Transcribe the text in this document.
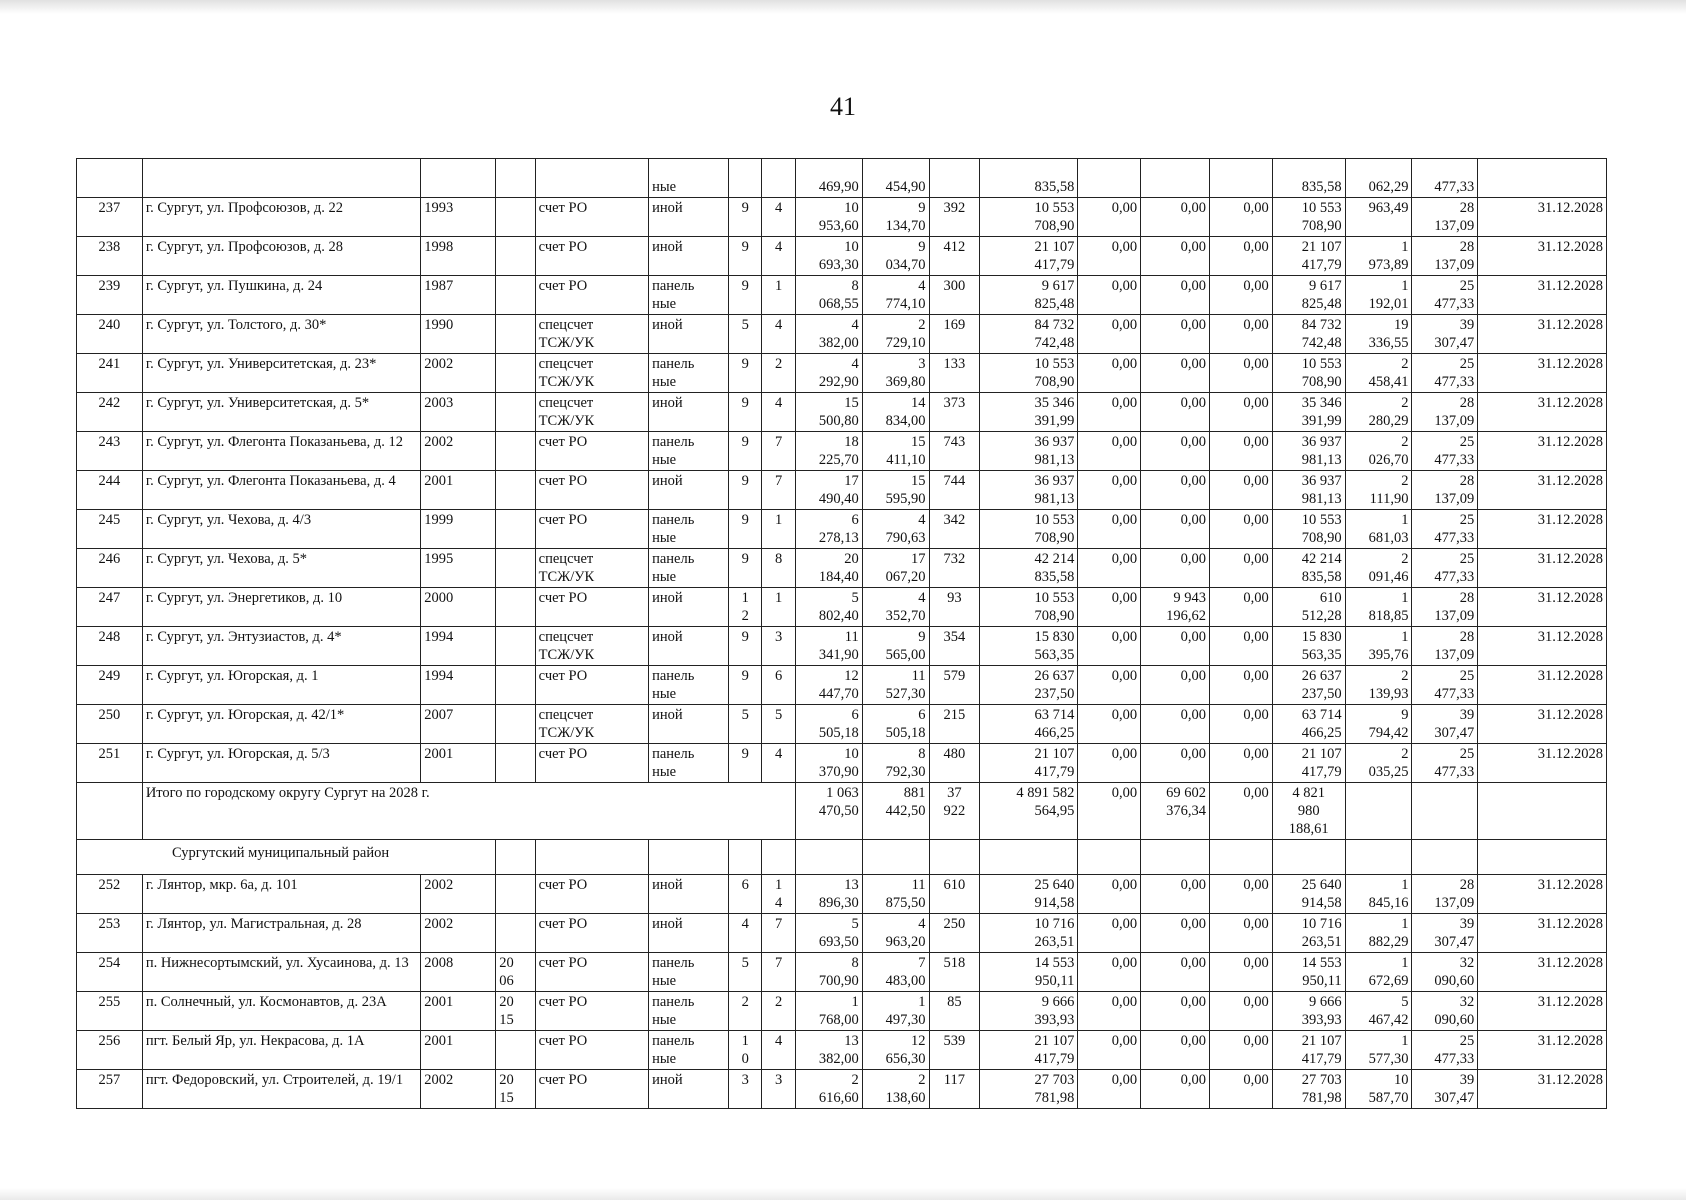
41

					ные			469,90	454,90		835,58				835,58	062,29	477,33	

237	г. Сургут, ул. Профсоюзов, д. 22	1993		счет РО	иной	9	4	10
953,60	9
134,70	392	10 553
708,90	0,00	0,00	0,00	10 553
708,90	963,49	28
137,09	31.12.2028

238	г. Сургут, ул. Профсоюзов, д. 28	1998		счет РО	иной	9	4	10
693,30	9
034,70	412	21 107
417,79	0,00	0,00	0,00	21 107
417,79	1
973,89	28
137,09	31.12.2028

239	г. Сургут, ул. Пушкина, д. 24	1987		счет РО	панель
ные	9	1	8
068,55	4
774,10	300	9 617
825,48	0,00	0,00	0,00	9 617
825,48	1
192,01	25
477,33	31.12.2028

240	г. Сургут, ул. Толстого, д. 30*	1990		спецсчет
ТСЖ/УК	иной	5	4	4
382,00	2
729,10	169	84 732
742,48	0,00	0,00	0,00	84 732
742,48	19
336,55	39
307,47	31.12.2028

241	г. Сургут, ул. Университетская, д. 23*	2002		спецсчет
ТСЖ/УК	панель
ные	9	2	4
292,90	3
369,80	133	10 553
708,90	0,00	0,00	0,00	10 553
708,90	2
458,41	25
477,33	31.12.2028

242	г. Сургут, ул. Университетская, д. 5*	2003		спецсчет
ТСЖ/УК	иной	9	4	15
500,80	14
834,00	373	35 346
391,99	0,00	0,00	0,00	35 346
391,99	2
280,29	28
137,09	31.12.2028

243	г. Сургут, ул. Флегонта Показаньева, д. 12	2002		счет РО	панель
ные	9	7	18
225,70	15
411,10	743	36 937
981,13	0,00	0,00	0,00	36 937
981,13	2
026,70	25
477,33	31.12.2028

244	г. Сургут, ул. Флегонта Показаньева, д. 4	2001		счет РО	иной	9	7	17
490,40	15
595,90	744	36 937
981,13	0,00	0,00	0,00	36 937
981,13	2
111,90	28
137,09	31.12.2028

245	г. Сургут, ул. Чехова, д. 4/3	1999		счет РО	панель
ные	9	1	6
278,13	4
790,63	342	10 553
708,90	0,00	0,00	0,00	10 553
708,90	1
681,03	25
477,33	31.12.2028

246	г. Сургут, ул. Чехова, д. 5*	1995		спецсчет
ТСЖ/УК	панель
ные	9	8	20
184,40	17
067,20	732	42 214
835,58	0,00	0,00	0,00	42 214
835,58	2
091,46	25
477,33	31.12.2028

247	г. Сургут, ул. Энергетиков, д. 10	2000		счет РО	иной	1
2	1	5
802,40	4
352,70	93	10 553
708,90	0,00	9 943
196,62	0,00	610
512,28	1
818,85	28
137,09	31.12.2028

248	г. Сургут, ул. Энтузиастов, д. 4*	1994		спецсчет
ТСЖ/УК	иной	9	3	11
341,90	9
565,00	354	15 830
563,35	0,00	0,00	0,00	15 830
563,35	1
395,76	28
137,09	31.12.2028

249	г. Сургут, ул. Югорская, д. 1	1994		счет РО	панель
ные	9	6	12
447,70	11
527,30	579	26 637
237,50	0,00	0,00	0,00	26 637
237,50	2
139,93	25
477,33	31.12.2028

250	г. Сургут, ул. Югорская, д. 42/1*	2007		спецсчет
ТСЖ/УК	иной	5	5	6
505,18	6
505,18	215	63 714
466,25	0,00	0,00	0,00	63 714
466,25	9
794,42	39
307,47	31.12.2028

251	г. Сургут, ул. Югорская, д. 5/3	2001		счет РО	панель
ные	9	4	10
370,90	8
792,30	480	21 107
417,79	0,00	0,00	0,00	21 107
417,79	2
035,25	25
477,33	31.12.2028

	Итого по городскому округу Сургут на 2028 г.							1 063
470,50	881
442,50	37
922	4 891 582
564,95	0,00	69 602
376,34	0,00	4 821
980
188,61			

Сургутский муниципальный район																		

252	г. Лянтор, мкр. 6а, д. 101	2002		счет РО	иной	6	1
4	13
896,30	11
875,50	610	25 640
914,58	0,00	0,00	0,00	25 640
914,58	1
845,16	28
137,09	31.12.2028

253	г. Лянтор, ул. Магистральная, д. 28	2002		счет РО	иной	4	7	5
693,50	4
963,20	250	10 716
263,51	0,00	0,00	0,00	10 716
263,51	1
882,29	39
307,47	31.12.2028

254	п. Нижнесортымский, ул. Хусаинова, д. 13	2008	20
06	счет РО	панель
ные	5	7	8
700,90	7
483,00	518	14 553
950,11	0,00	0,00	0,00	14 553
950,11	1
672,69	32
090,60	31.12.2028

255	п. Солнечный, ул. Космонавтов, д. 23А	2001	20
15	счет РО	панель
ные	2	2	1
768,00	1
497,30	85	9 666
393,93	0,00	0,00	0,00	9 666
393,93	5
467,42	32
090,60	31.12.2028

256	пгт. Белый Яр, ул. Некрасова, д. 1А	2001		счет РО	панель
ные	1
0	4	13
382,00	12
656,30	539	21 107
417,79	0,00	0,00	0,00	21 107
417,79	1
577,30	25
477,33	31.12.2028

257	пгт. Федоровский, ул. Строителей, д. 19/1	2002	20
15	счет РО	иной	3	3	2
616,60	2
138,60	117	27 703
781,98	0,00	0,00	0,00	27 703
781,98	10
587,70	39
307,47	31.12.2028
